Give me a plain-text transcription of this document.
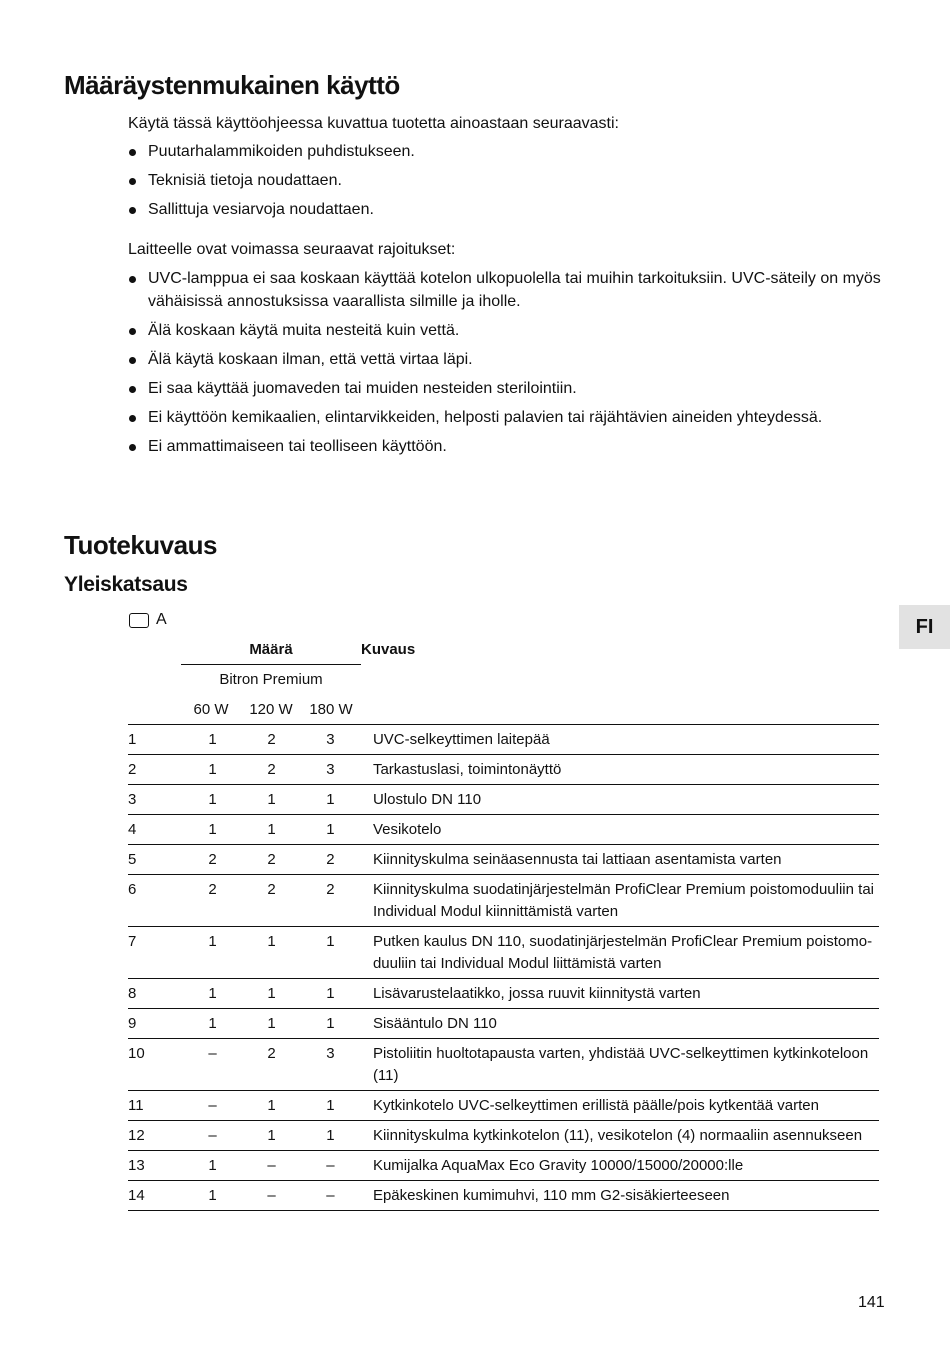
Määräystenmukainen käyttö
Käytä tässä käyttöohjeessa kuvattua tuotetta ainoastaan seuraavasti:
Puutarhalammikoiden puhdistukseen.
Teknisiä tietoja noudattaen.
Sallittuja vesiarvoja noudattaen.
Laitteelle ovat voimassa seuraavat rajoitukset:
UVC-lamppua ei saa koskaan käyttää kotelon ulkopuolella tai muihin tarkoituksiin. UVC-säteily on myös vähäisissä annostuksissa vaarallista silmille ja iholle.
Älä koskaan käytä muita nesteitä kuin vettä.
Älä käytä koskaan ilman, että vettä virtaa läpi.
Ei saa käyttää juomaveden tai muiden nesteiden sterilointiin.
Ei käyttöön kemikaalien, elintarvikkeiden, helposti palavien tai räjähtävien aineiden yhteydessä.
Ei ammattimaiseen tai teolliseen käyttöön.
Tuotekuvaus
Yleiskatsaus
A	FI
Määrä	Kuvaus
Bitron Premium
60 W	120 W	180 W
1	1	2	3	UVC-selkeyttimen laitepää
2	1	2	3	Tarkastuslasi, toimintonäyttö
3	1	1	1	Ulostulo DN 110
4	1	1	1	Vesikotelo
5	2	2	2	Kiinnityskulma seinäasennusta tai lattiaan asentamista varten
6	2	2	2	Kiinnityskulma suodatinjärjestelmän ProfiClear Premium poistomoduuliin tai Individual Modul kiinnittämistä varten
7	1	1	1	Putken kaulus DN 110, suodatinjärjestelmän ProfiClear Premium poistomoduuliin tai Individual Modul liittämistä varten
8	1	1	1	Lisävarustelaatikko, jossa ruuvit kiinnitystä varten
9	1	1	1	Sisääntulo DN 110
10	–	2	3	Pistoliitin huoltotapausta varten, yhdistää UVC-selkeyttimen kytkinkoteloon (11)
11	–	1	1	Kytkinkotelo UVC-selkeyttimen erillistä päälle/pois kytkentää varten
12	–	1	1	Kiinnityskulma kytkinkotelon (11), vesikotelon (4) normaaliin asennukseen
13	1	–	–	Kumijalka AquaMax Eco Gravity 10000/15000/20000:lle
14	1	–	–	Epäkeskinen kumimuhvi, 110 mm G2-sisäkierteeseen
141
